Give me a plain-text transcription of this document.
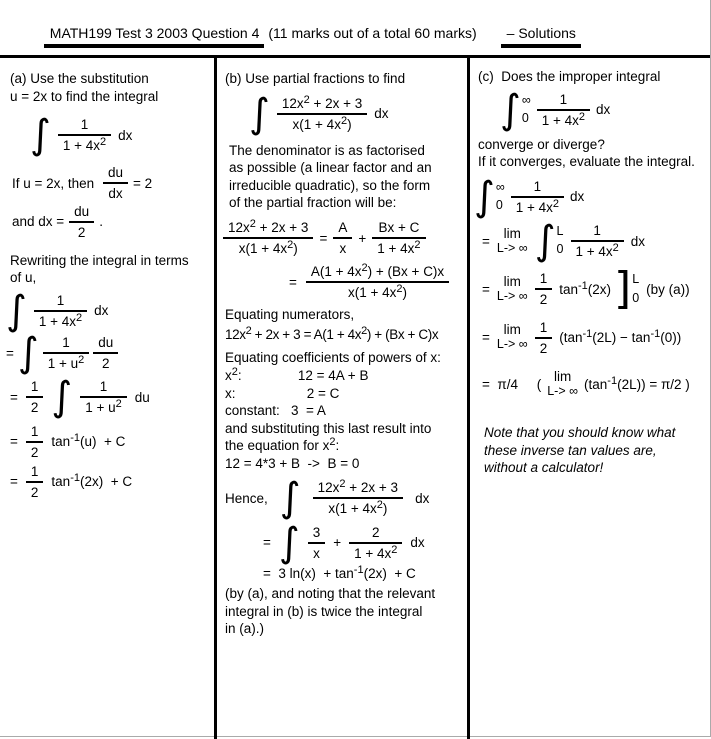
MATH199 Test 3 2003 Question 4 (11 marks out of a total 60 marks) – Solutions

(a) Use the substitution
u = 2x to find the integral
∫ $\frac{1}{1 + 4x^2}$ dx
If u = 2x, then $\frac{du}{dx} = 2$
and dx = $\frac{du}{2}$ .
Rewriting the integral in terms
of u,
∫ $\frac{1}{1 + 4x^2}$ dx
= ∫ $\frac{1}{1 + u^2} \frac{du}{2}$
= $\frac{1}{2}$ ∫ $\frac{1}{1 + u^2}$ du
= $\frac{1}{2} \tan^{-1}(u) + C$
= $\frac{1}{2} \tan^{-1}(2x) + C$
(b) Use partial fractions to find
∫ $\frac{12x^2 + 2x + 3}{x(1 + 4x^2)}$ dx
The denominator is as factorised
as possible (a linear factor and an
irreducible quadratic), so the form
of the partial fraction will be:
$\frac{12x^2 + 2x + 3}{x(1 + 4x^2)} = \frac{A}{x} + \frac{Bx + C}{1 + 4x^2}$
= $\frac{A(1 + 4x^2) + (Bx + C)x}{x(1 + 4x^2)}$
Equating numerators,
$12x^2 + 2x + 3 = A(1 + 4x^2) + (Bx + C)x$
Equating coefficients of powers of x:
$x^2$:               12 = 4A + B
x:                   2 = C
constant:   3  = A
and substituting this last result into
the equation for $x^2$:
12 = 4*3 + B  ->  B = 0
Hence, ∫ $\frac{12x^2 + 2x + 3}{x(1 + 4x^2)}$ dx
= ∫ $\frac{3}{x} + \frac{2}{1 + 4x^2}$ dx
=  3 $\ln(x) + \tan^{-1}(2x) + C$
(by (a), and noting that the relevant
integral in (b) is twice the integral
in (a).)
(c)  Does the improper integral
∫ ∞
$0 \frac{1}{1 + 4x^2}$ dx
converge or diverge?
If it converges, evaluate the integral.
∫ ∞
$0 \frac{1}{1 + 4x^2}$ dx
=
lim
L-> ∞ ∫ L
$0 \frac{1}{1 + 4x^2}$ dx
=
lim
L-> ∞ $\frac{1}{2} \tan^{-1}(2x)$ ] L
0
(by (a))
=
lim
L-> ∞ $\frac{1}{2} (\tan^{-1}(2L) - \tan^{-1}(0))$
=  π/4     (
lim
L-> ∞ $(\tan^{-1}(2L)) = \pi/2$ )
Note that you should know what
these inverse tan values are,
without a calculator!
